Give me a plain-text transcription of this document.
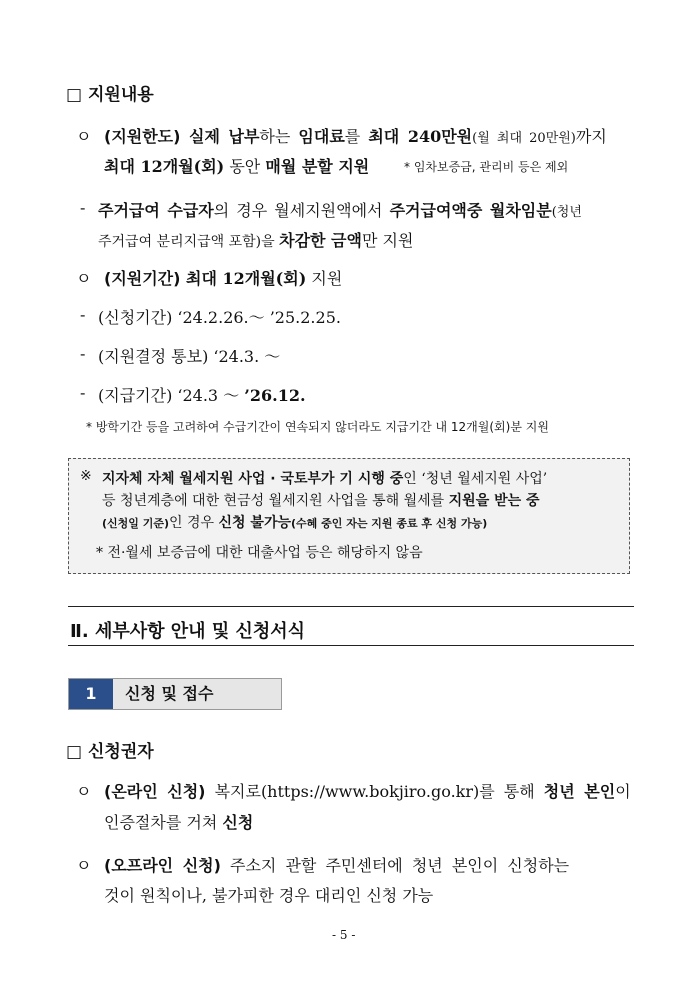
□ 지원내용
ㅇ (지원한도) 실제 납부하는 임대료를 최대 240만원(월 최대 20만원)까지
최대 12개월(회) 동안 매월 분할 지원	* 임차보증금, 관리비 등은 제외
- 주거급여 수급자의 경우 월세지원액에서 주거급여액중 월차임분(청년
주거급여 분리지급액 포함)을 차감한 금액만 지원
ㅇ (지원기간) 최대 12개월(회) 지원
- (신청기간) ‘24.2.26.～ ’25.2.25.
- (지원결정 통보) ‘24.3. ～
- (지급기간) ‘24.3 ～ ’26.12.
* 방학기간 등을 고려하여 수급기간이 연속되지 않더라도 지급기간 내 12개월(회)분 지원
※ 지자체 자체 월세지원 사업 · 국토부가 기 시행 중인 ‘청년 월세지원 사업’
등 청년계층에 대한 현금성 월세지원 사업을 통해 월세를 지원을 받는 중
(신청일 기준)인 경우 신청 불가능(수혜 중인 자는 지원 종료 후 신청 가능)
* 전·월세 보증금에 대한 대출사업 등은 해당하지 않음
Ⅱ. 세부사항 안내 및 신청서식
1	신청 및 접수
□ 신청권자
ㅇ (온라인 신청) 복지로(https://www.bokjiro.go.kr)를 통해 청년 본인이
인증절차를 거쳐 신청
ㅇ (오프라인 신청) 주소지 관할 주민센터에 청년 본인이 신청하는
것이 원칙이나, 불가피한 경우 대리인 신청 가능
- 5 -
